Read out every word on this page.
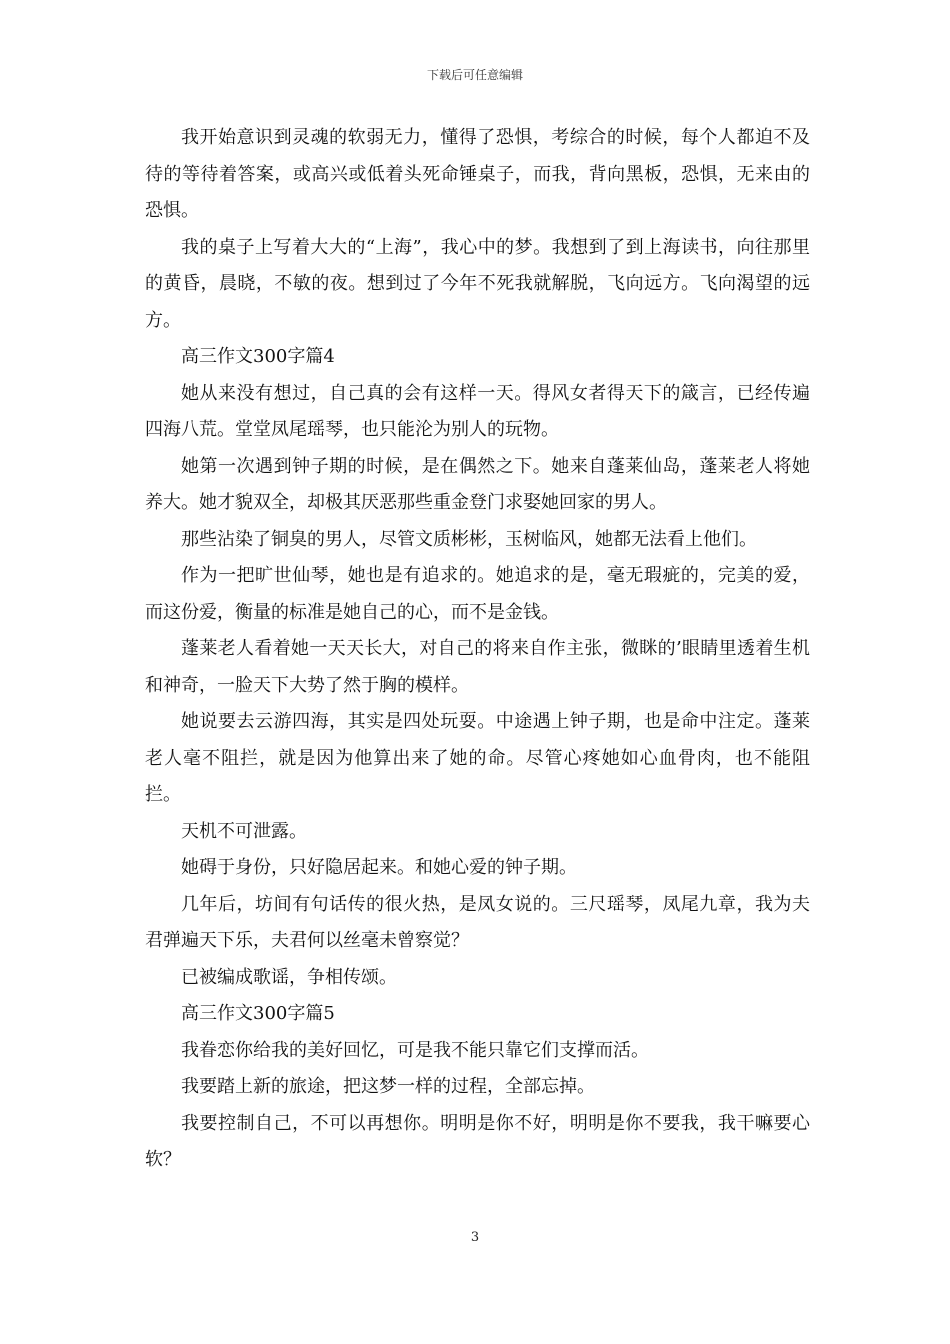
下载后可任意编辑

我开始意识到灵魂的软弱无力，懂得了恐惧，考综合的时候，每个人都迫不及待的等待着答案，或高兴或低着头死命锤桌子，而我，背向黑板，恐惧，无来由的恐惧。

我的桌子上写着大大的“上海”，我心中的梦。我想到了到上海读书，向往那里的黄昏，晨晓，不敏的夜。想到过了今年不死我就解脱，飞向远方。飞向渴望的远方。

高三作文300字篇4

她从来没有想过，自己真的会有这样一天。得风女者得天下的箴言，已经传遍四海八荒。堂堂凤尾瑶琴，也只能沦为别人的玩物。

她第一次遇到钟子期的时候，是在偶然之下。她来自蓬莱仙岛，蓬莱老人将她养大。她才貌双全，却极其厌恶那些重金登门求娶她回家的男人。

那些沾染了铜臭的男人，尽管文质彬彬，玉树临风，她都无法看上他们。

作为一把旷世仙琴，她也是有追求的。她追求的是，毫无瑕疵的，完美的爱，而这份爱，衡量的标准是她自己的心，而不是金钱。

蓬莱老人看着她一天天长大，对自己的将来自作主张，微眯的’眼睛里透着生机和神奇，一脸天下大势了然于胸的模样。

她说要去云游四海，其实是四处玩耍。中途遇上钟子期，也是命中注定。蓬莱老人毫不阻拦，就是因为他算出来了她的命。尽管心疼她如心血骨肉，也不能阻拦。

天机不可泄露。

她碍于身份，只好隐居起来。和她心爱的钟子期。

几年后，坊间有句话传的很火热，是凤女说的。三尺瑶琴，凤尾九章，我为夫君弹遍天下乐，夫君何以丝毫未曾察觉？

已被编成歌谣，争相传颂。

高三作文300字篇5

我眷恋你给我的美好回忆，可是我不能只靠它们支撑而活。

我要踏上新的旅途，把这梦一样的过程，全部忘掉。

我要控制自己，不可以再想你。明明是你不好，明明是你不要我，我干嘛要心软？

3
